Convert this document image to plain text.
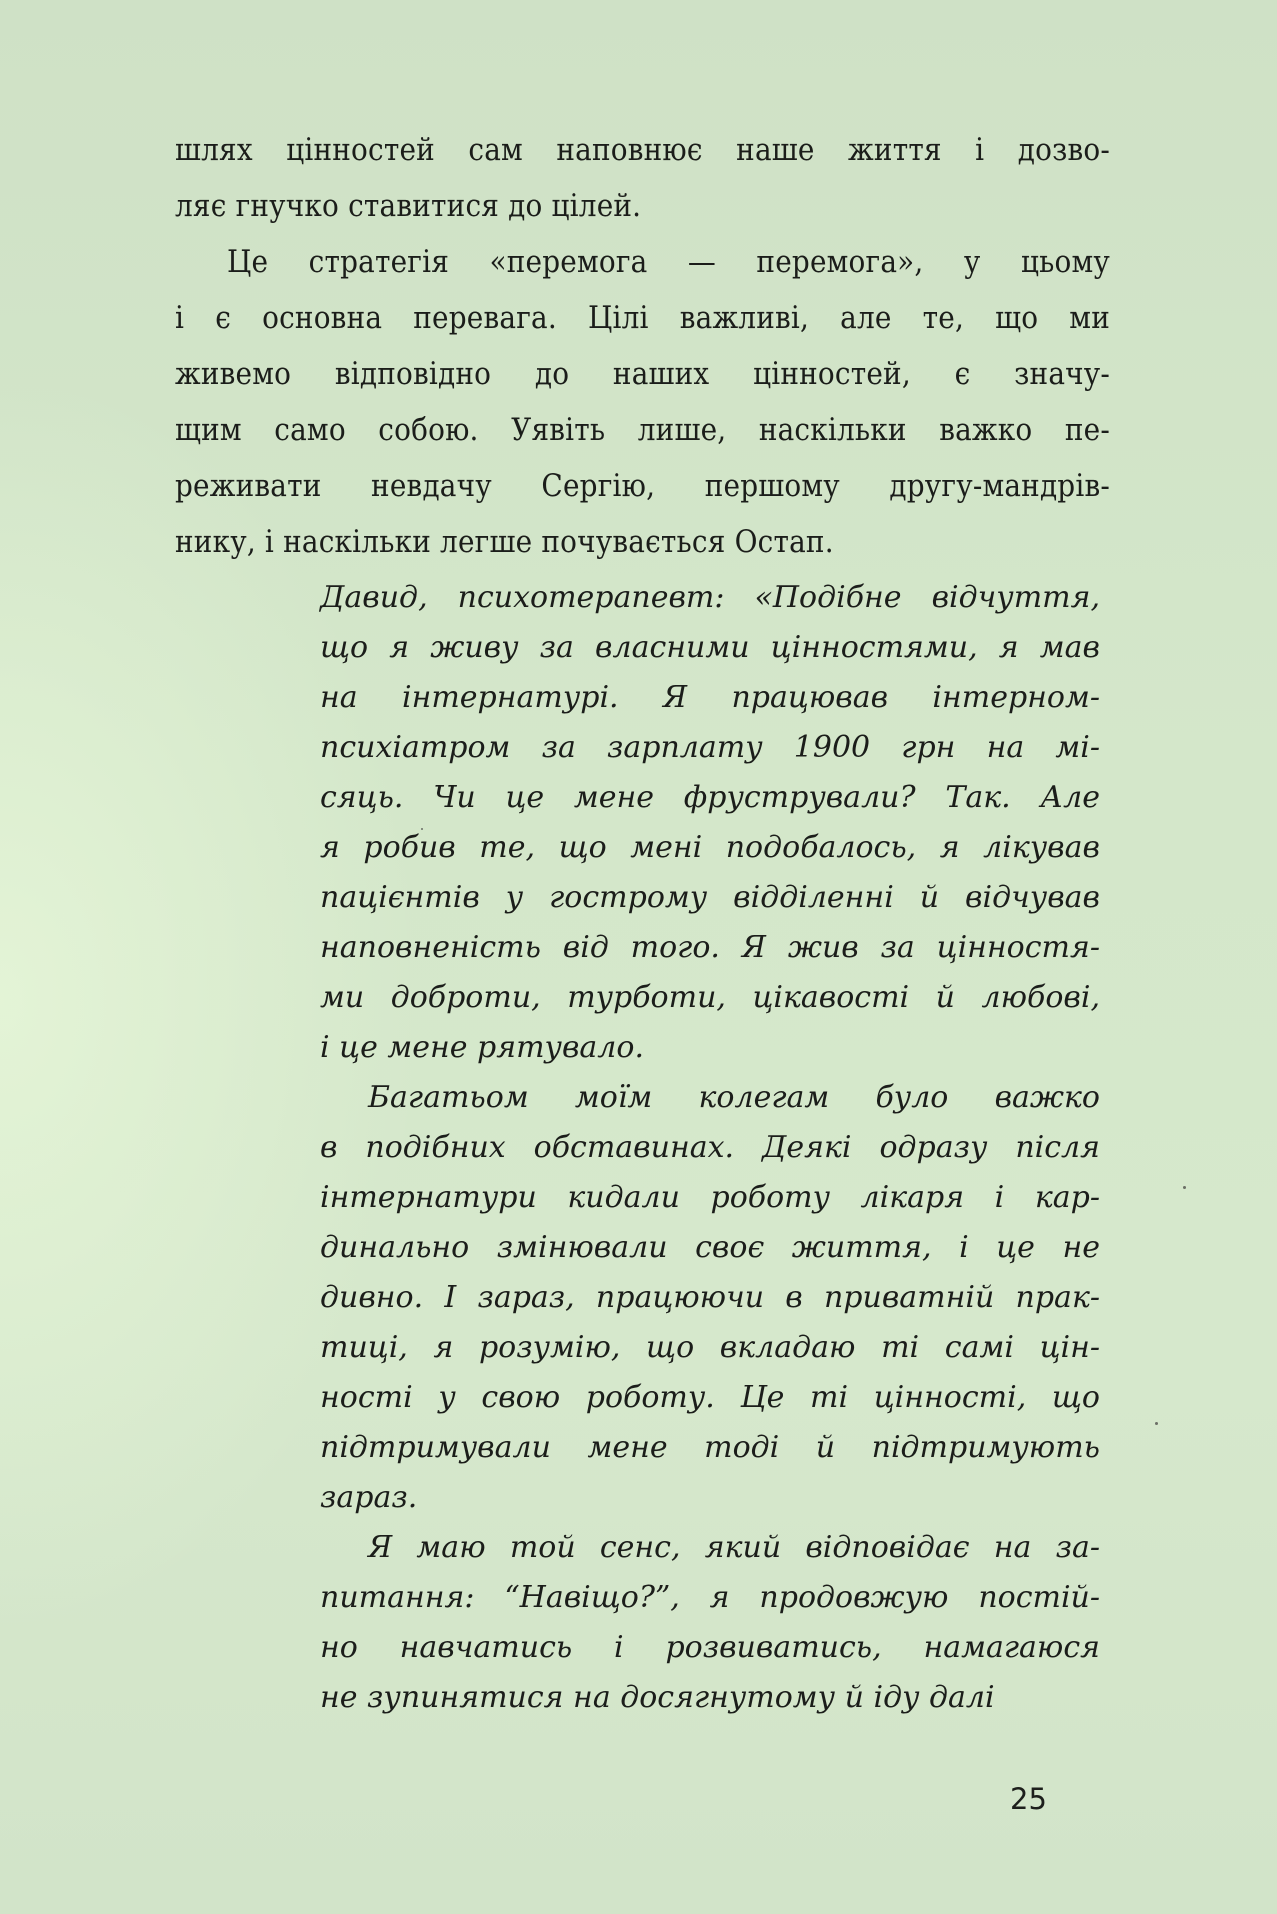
шлях цінностей сам наповнює наше життя і дозво-
ляє гнучко ставитися до цілей.
Це стратегія «перемога — перемога», у цьому
і є основна перевага. Цілі важливі, але те, що ми
живемо відповідно до наших цінностей, є значу-
щим само собою. Уявіть лише, наскільки важко пе-
реживати невдачу Сергію, першому другу-мандрів-
нику, і наскільки легше почувається Остап.
Давид, психотерапевт: «Подібне відчуття,
що я живу за власними цінностями, я мав
на інтернатурі. Я працював інтерном-
психіатром за зарплату 1900 грн на мі-
сяць. Чи це мене фрустрували? Так. Але
я робив те, що мені подобалось, я лікував
пацієнтів у гострому відділенні й відчував
наповненість від того. Я жив за цінностя-
ми доброти, турботи, цікавості й любові,
і це мене рятувало.
Багатьом моїм колегам було важко
в подібних обставинах. Деякі одразу після
інтернатури кидали роботу лікаря і кар-
динально змінювали своє життя, і це не
дивно. І зараз, працюючи в приватній прак-
тиці, я розумію, що вкладаю ті самі цін-
ності у свою роботу. Це ті цінності, що
підтримували мене тоді й підтримують
зараз.
Я маю той сенс, який відповідає на за-
питання: “Навіщо?”, я продовжую постій-
но навчатись і розвиватись, намагаюся
не зупинятися на досягнутому й іду далі
25
